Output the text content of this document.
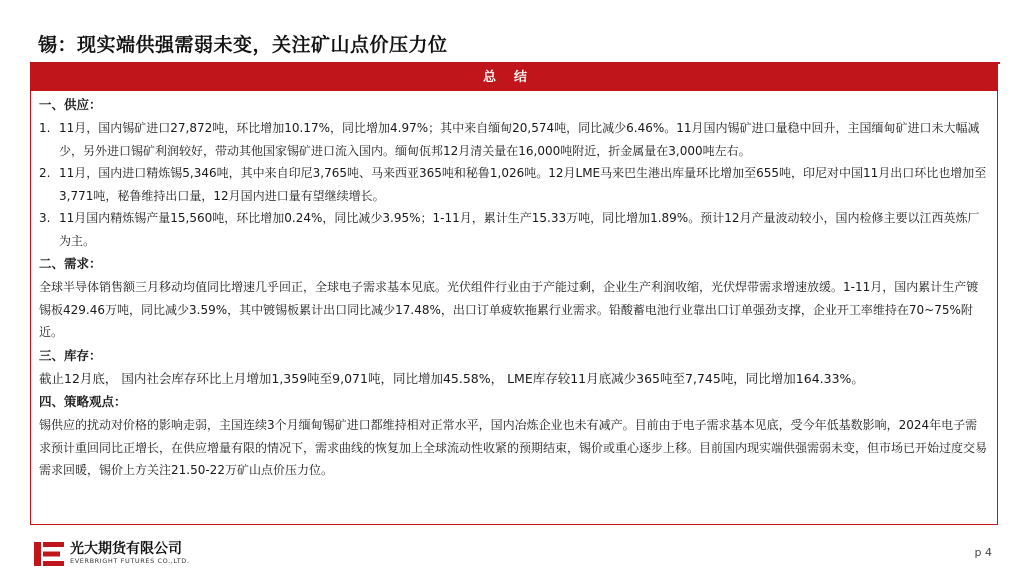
锡：现实端供强需弱未变，关注矿山点价压力位
总结
一、供应：
1. 11月，国内锡矿进口27,872吨，环比增加10.17%，同比增加4.97%；其中来自缅甸20,574吨，同比减少6.46%。11月国内锡矿进口量稳中回升，主国缅甸矿进口未大幅减少，另外进口锡矿利润较好，带动其他国家锡矿进口流入国内。缅甸佤邦12月清关量在16,000吨附近，折金属量在3,000吨左右。
2. 11月，国内进口精炼锡5,346吨，其中来自印尼3,765吨、马来西亚365吨和秘鲁1,026吨。12月LME马来巴生港出库量环比增加至655吨，印尼对中国11月出口环比也增加至3,771吨，秘鲁维持出口量，12月国内进口量有望继续增长。
3. 11月国内精炼锡产量15,560吨，环比增加0.24%，同比减少3.95%；1-11月，累计生产15.33万吨，同比增加1.89%。预计12月产量波动较小，国内检修主要以江西英炼厂为主。
二、需求：

全球半导体销售额三月移动均值同比增速几乎回正，全球电子需求基本见底。光伏组件行业由于产能过剩，企业生产利润收缩，光伏焊带需求增速放缓。1-11月，国内累计生产镀锡板429.46万吨，同比减少3.59%，其中镀锡板累计出口同比减少17.48%，出口订单疲软拖累行业需求。铅酸蓄电池行业靠出口订单强劲支撑，企业开工率维持在70~75%附近。

三、库存：

截止12月底， 国内社会库存环比上月增加1,359吨至9,071吨，同比增加45.58%， LME库存较11月底减少365吨至7,745吨，同比增加164.33%。

四、策略观点：

锡供应的扰动对价格的影响走弱，主国连续3个月缅甸锡矿进口都维持相对正常水平，国内冶炼企业也未有减产。目前由于电子需求基本见底，受今年低基数影响，2024年电子需求预计重回同比正增长，在供应增量有限的情况下，需求曲线的恢复加上全球流动性收紧的预期结束，锡价或重心逐步上移。目前国内现实端供强需弱未变，但市场已开始过度交易需求回暖，锡价上方关注21.50-22万矿山点价压力位。

光大期货有限公司
EVERBRIGHT FUTURES CO.,LTD.
p 4
